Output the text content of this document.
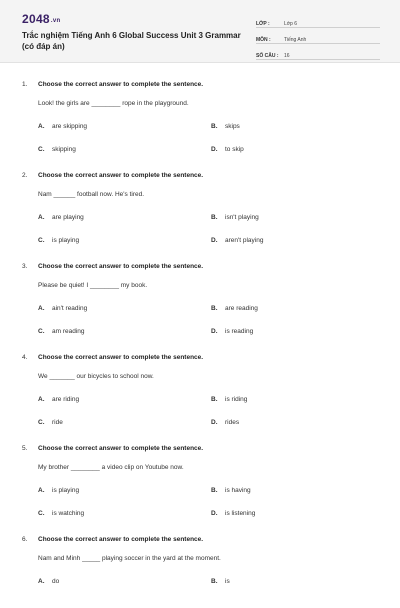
2048.vn
Trắc nghiệm Tiếng Anh 6 Global Success Unit 3 Grammar (có đáp án)
LỚP :	Lớp 6
MÔN :	Tiếng Anh
SỐ CÂU :	16
1. Choose the correct answer to complete the sentence.
Look! the girls are ________ rope in the playground.
A. are skipping	B. skips
C. skipping	D. to skip
2. Choose the correct answer to complete the sentence.
Nam ______ football now. He's tired.
A. are playing	B. isn't playing
C. is playing	D. aren't playing
3. Choose the correct answer to complete the sentence.
Please be quiet! I ________ my book.
A. ain't reading	B. are reading
C. am reading	D. is reading
4. Choose the correct answer to complete the sentence.
We _______ our bicycles to school now.
A. are riding	B. is riding
C. ride	D. rides
5. Choose the correct answer to complete the sentence.
My brother ________ a video clip on Youtube now.
A. is playing	B. is having
C. is watching	D. is listening
6. Choose the correct answer to complete the sentence.
Nam and Minh _____ playing soccer in the yard at the moment.
A. do	B. is
